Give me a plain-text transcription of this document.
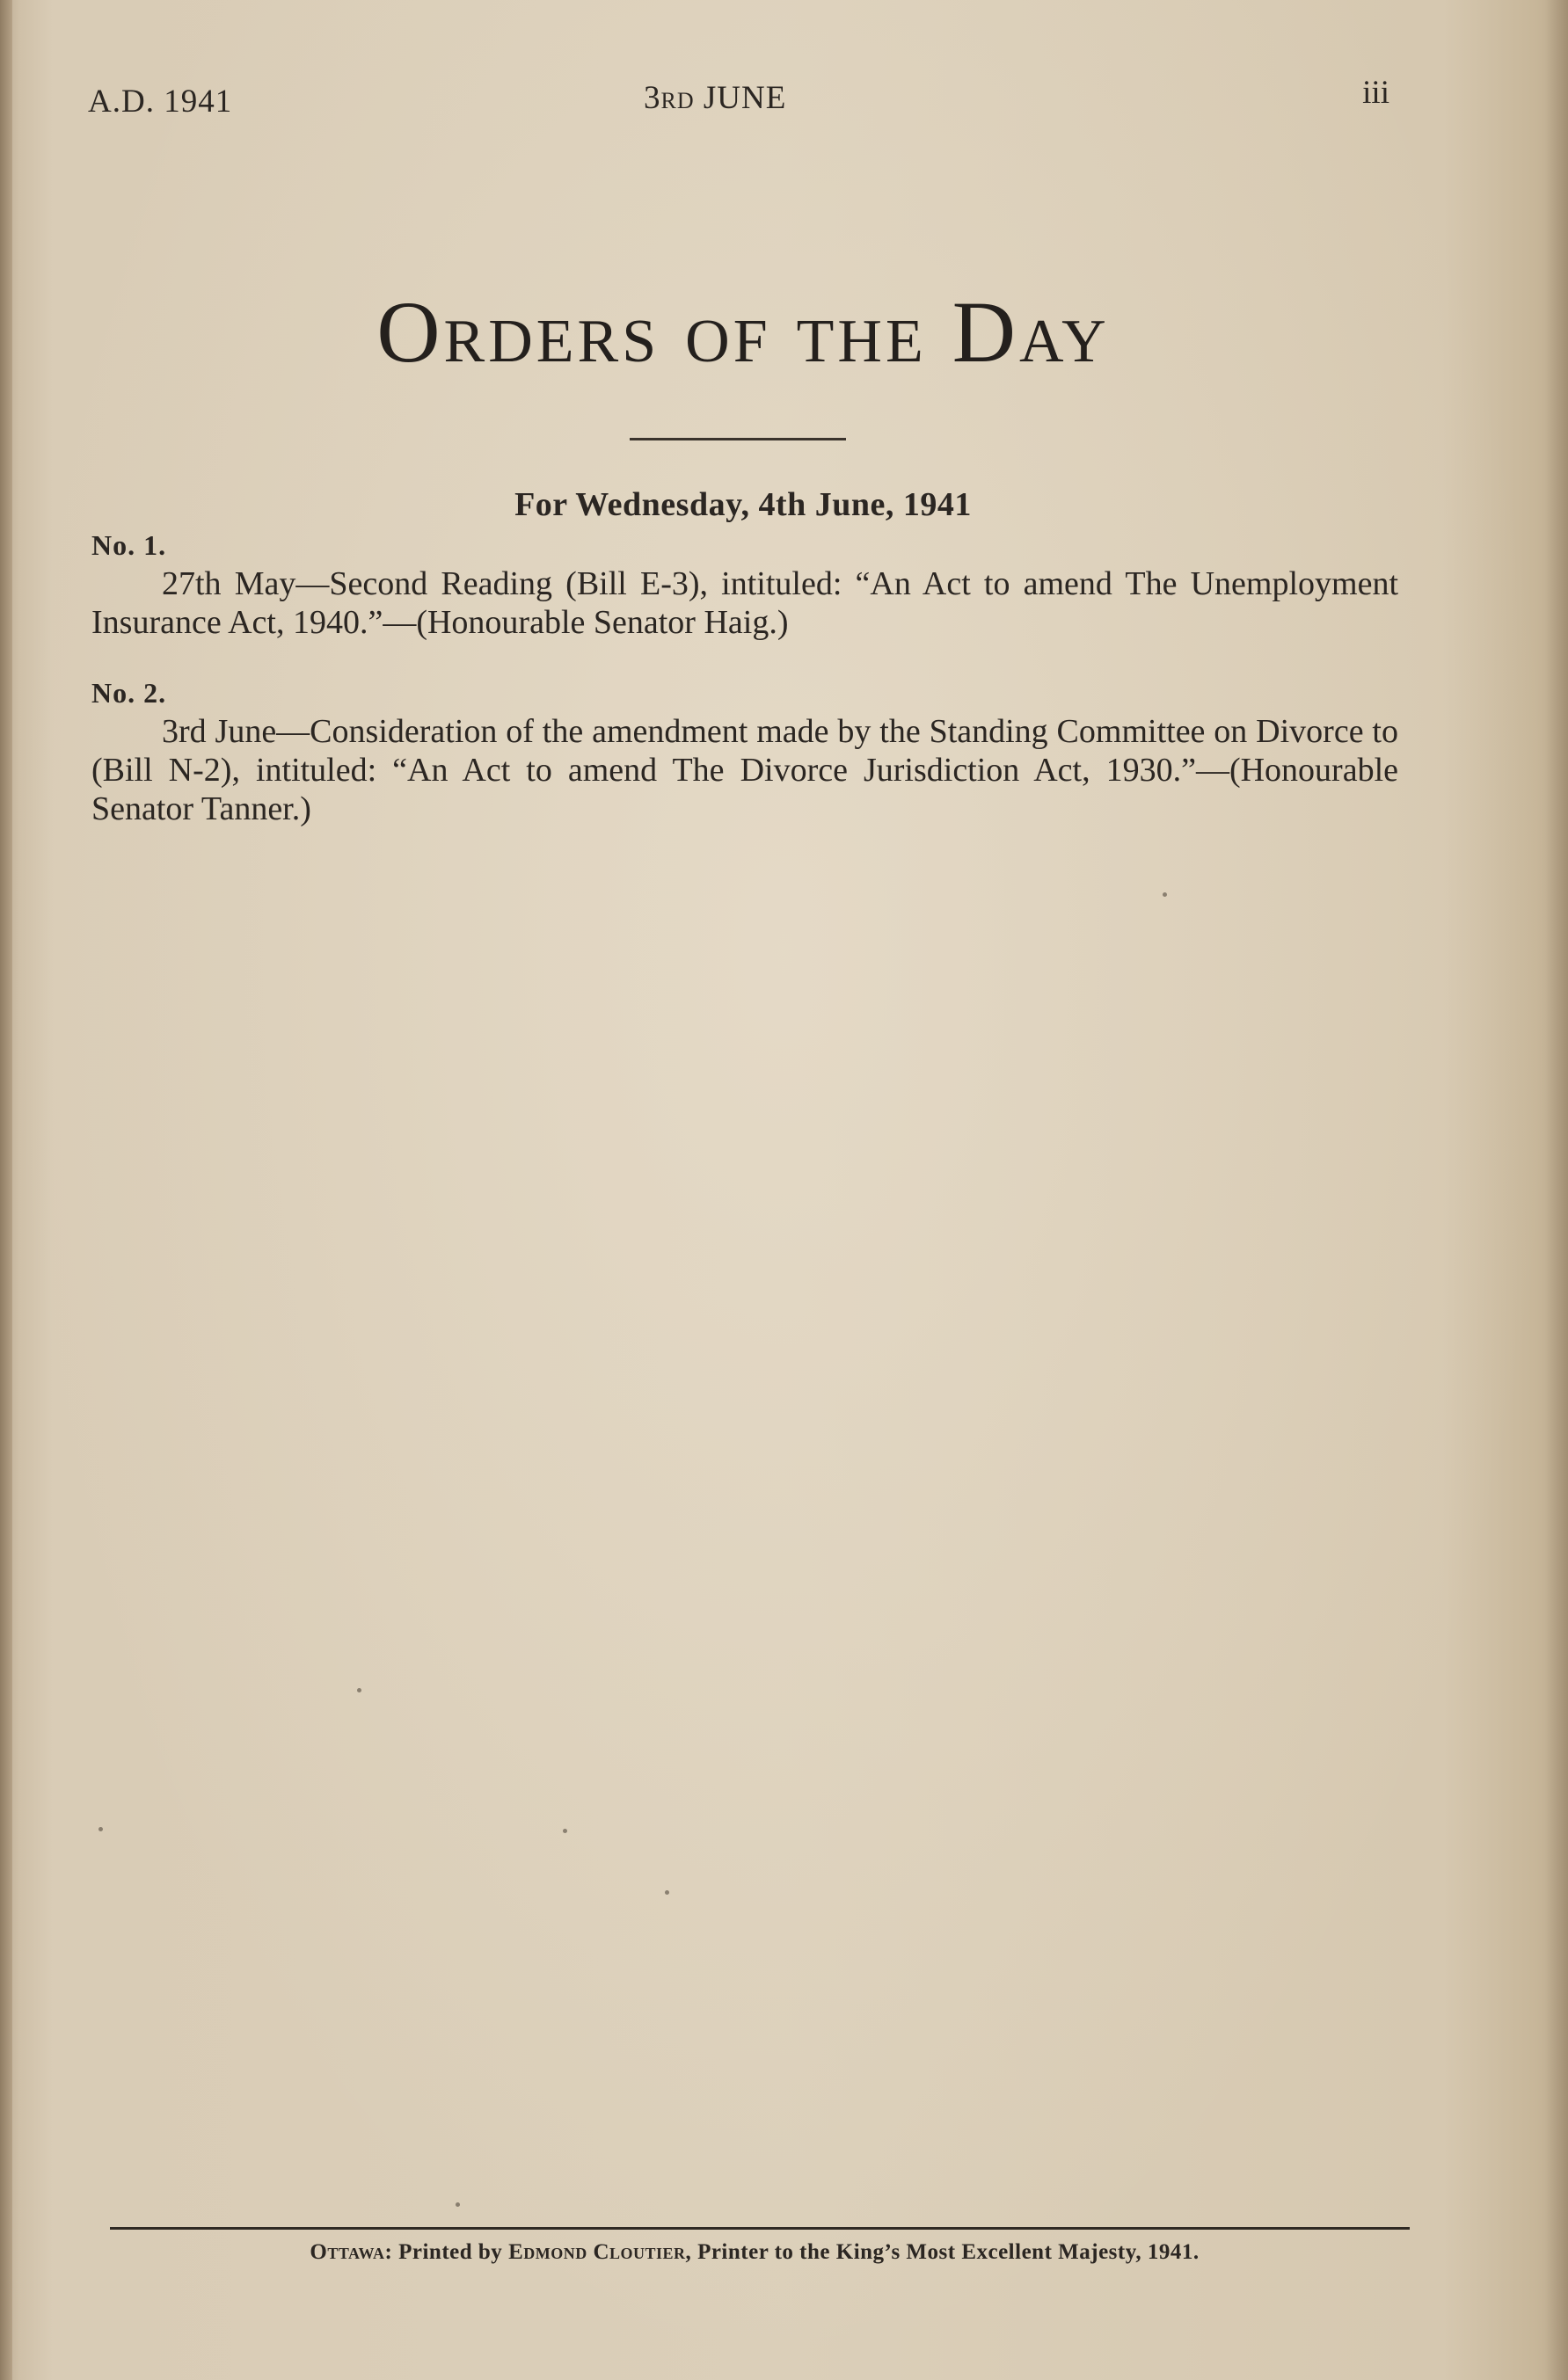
A.D. 1941	3rd JUNE	iii
Orders of the Day
For Wednesday, 4th June, 1941
No. 1.
27th May—Second Reading (Bill E-3), intituled: “An Act to amend The Unemployment Insurance Act, 1940.”—(Honourable Senator Haig.)
No. 2.
3rd June—Consideration of the amendment made by the Standing Committee on Divorce to (Bill N-2), intituled: “An Act to amend The Divorce Jurisdiction Act, 1930.”—(Honourable Senator Tanner.)
Ottawa: Printed by Edmond Cloutier, Printer to the King’s Most Excellent Majesty, 1941.
